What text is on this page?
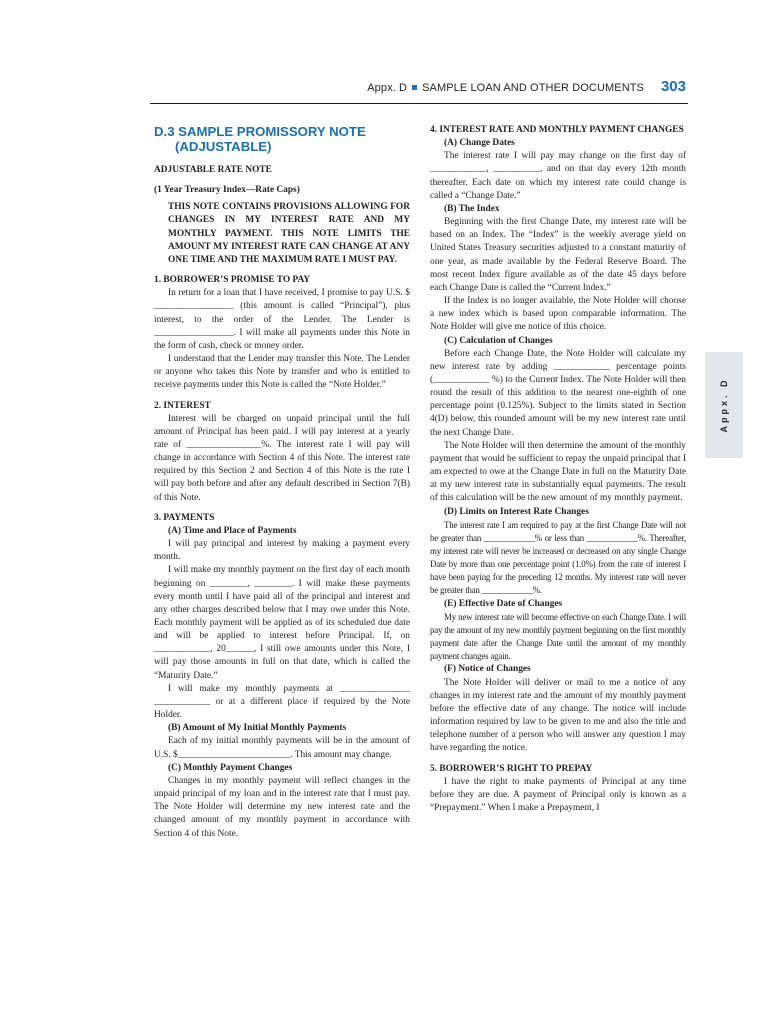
Appx. D SAMPLE LOAN AND OTHER DOCUMENTS 303
Appx. D
D.3 SAMPLE PROMISSORY NOTE
(ADJUSTABLE)

ADJUSTABLE RATE NOTE

(1 Year Treasury Index—Rate Caps)

THIS NOTE CONTAINS PROVISIONS ALLOWING FOR CHANGES IN MY INTEREST RATE AND MY MONTHLY PAYMENT. THIS NOTE LIMITS THE AMOUNT MY INTEREST RATE CAN CHANGE AT ANY ONE TIME AND THE MAXIMUM RATE I MUST PAY.

1. BORROWER’S PROMISE TO PAY

In return for a loan that I have received, I promise to pay U.S. $ _________________ (this amount is called “Principal”), plus interest, to the order of the Lender. The Lender is _________________. I will make all payments under this Note in the form of cash, check or money order.

I understand that the Lender may transfer this Note. The Lender or anyone who takes this Note by transfer and who is entitled to receive payments under this Note is called the “Note Holder.”

2. INTEREST

Interest will be charged on unpaid principal until the full amount of Principal has been paid. I will pay interest at a yearly rate of ________________%. The interest rate I will pay will change in accordance with Section 4 of this Note. The interest rate required by this Section 2 and Section 4 of this Note is the rate I will pay both before and after any default described in Section 7(B) of this Note.

3. PAYMENTS

(A) Time and Place of Payments

I will pay principal and interest by making a payment every month.

I will make my monthly payment on the first day of each month beginning on ________, ________. I will make these payments every month until I have paid all of the principal and interest and any other charges described below that I may owe under this Note. Each monthly payment will be applied as of its scheduled due date and will be applied to interest before Principal. If, on ____________, 20______, I still owe amounts under this Note, I will pay those amounts in full on that date, which is called the “Maturity Date.”

I will make my monthly payments at _______________ ____________ or at a different place if required by the Note Holder.

(B) Amount of My Initial Monthly Payments

Each of my initial monthly payments will be in the amount of U.S. $________________________. This amount may change.

(C) Monthly Payment Changes

Changes in my monthly payment will reflect changes in the unpaid principal of my loan and in the interest rate that I must pay. The Note Holder will determine my new interest rate and the changed amount of my monthly payment in accordance with Section 4 of this Note.

4. INTEREST RATE AND MONTHLY PAYMENT CHANGES

(A) Change Dates

The interest rate I will pay may change on the first day of ____________, __________, and on that day every 12th month thereafter. Each date on which my interest rate could change is called a “Change Date.”

(B) The Index

Beginning with the first Change Date, my interest rate will be based on an Index. The “Index” is the weekly average yield on United States Treasury securities adjusted to a constant maturity of one year, as made available by the Federal Reserve Board. The most recent Index figure available as of the date 45 days before each Change Date is called the “Current Index.”

If the Index is no longer available, the Note Holder will choose a new index which is based upon comparable information. The Note Holder will give me notice of this choice.

(C) Calculation of Changes

Before each Change Date, the Note Holder will calculate my new interest rate by adding ____________ percentage points (____________ %) to the Current Index. The Note Holder will then round the result of this addition to the nearest one-eighth of one percentage point (0.125%). Subject to the limits stated in Section 4(D) below, this rounded amount will be my new interest rate until the next Change Date.

The Note Holder will then determine the amount of the monthly payment that would be sufficient to repay the unpaid principal that I am expected to owe at the Change Date in full on the Maturity Date at my new interest rate in substantially equal payments. The result of this calculation will be the new amount of my monthly payment.

(D) Limits on Interest Rate Changes

The interest rate I am required to pay at the first Change Date will not be greater than ____________% or less than ____________%. Thereafter, my interest rate will never be increased or decreased on any single Change Date by more than one percentage point (1.0%) from the rate of interest I have been paying for the preceding 12 months. My interest rate will never be greater than ____________%.

(E) Effective Date of Changes

My new interest rate will become effective on each Change Date. I will pay the amount of my new monthly payment beginning on the first monthly payment date after the Change Date until the amount of my monthly payment changes again.

(F) Notice of Changes

The Note Holder will deliver or mail to me a notice of any changes in my interest rate and the amount of my monthly payment before the effective date of any change. The notice will include information required by law to be given to me and also the title and telephone number of a person who will answer any question I may have regarding the notice.

5. BORROWER’S RIGHT TO PREPAY

I have the right to make payments of Principal at any time before they are due. A payment of Principal only is known as a “Prepayment.” When I make a Prepayment, I
